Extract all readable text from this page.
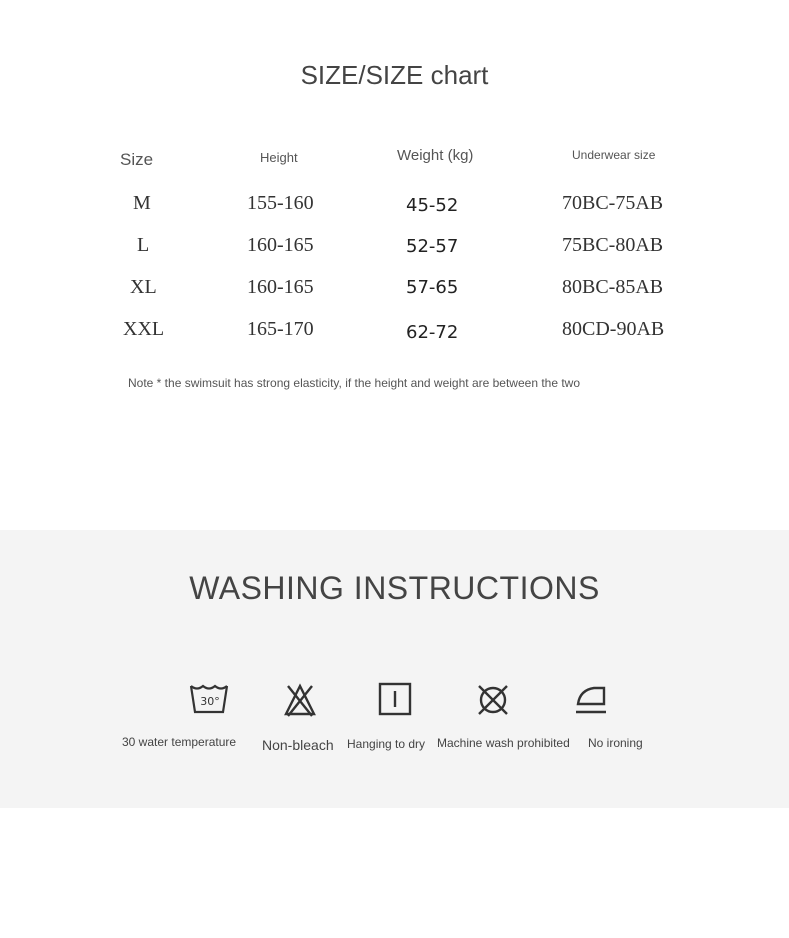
SIZE/SIZE chart
Size	Height	Weight (kg)	Underwear size
M	155-160	45-52	70BC-75AB
L	160-165	52-57	75BC-80AB
XL	160-165	57-65	80BC-85AB
XXL	165-170	62-72	80CD-90AB
Note * the swimsuit has strong elasticity, if the height and weight are between the two
WASHING INSTRUCTIONS
30°
30 water temperature Non-bleach Hanging to dry Machine wash prohibited No ironing
